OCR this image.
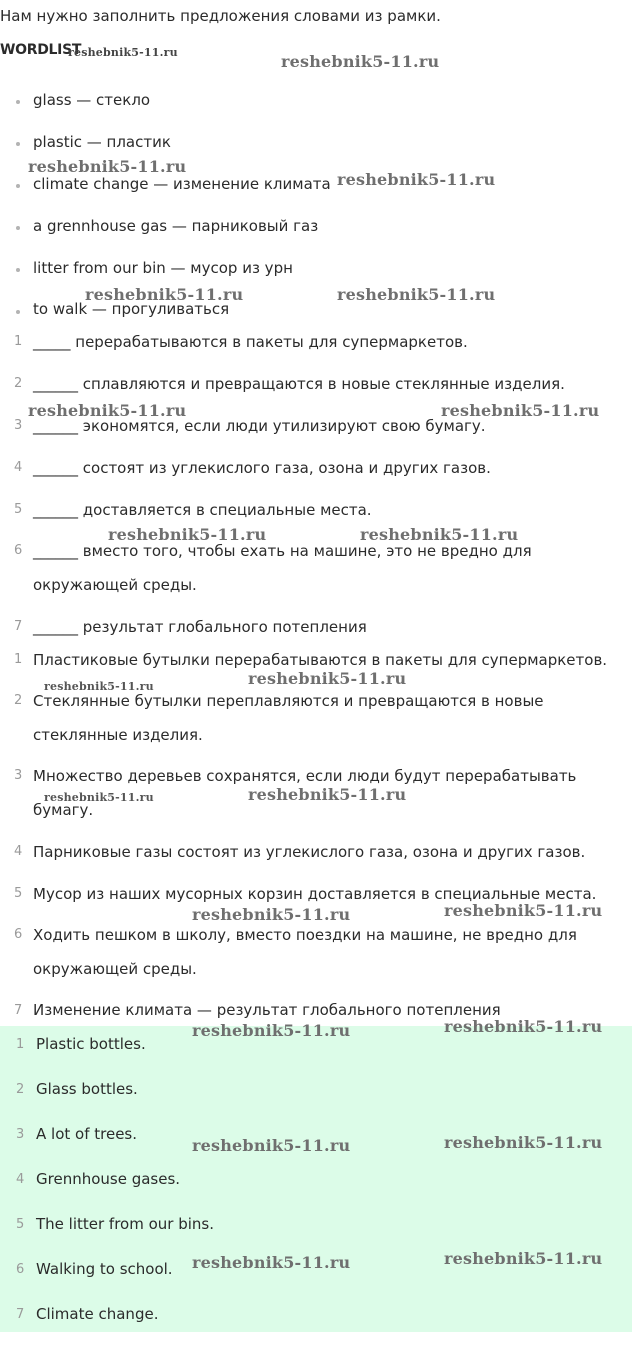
Нам нужно заполнить предложения словами из рамки.
WORDLIST
glass — стекло
plastic — пластик
climate change — изменение климата
a grennhouse gas — парниковый газ
litter from our bin — мусор из урн
to walk — прогуливаться
1 _____ перерабатываются в пакеты для супермаркетов.
2 ______ сплавляются и превращаются в новые стеклянные изделия.
3 ______ экономятся, если люди утилизируют свою бумагу.
4 ______ состоят из углекислого газа, озона и других газов.
5 ______ доставляется в специальные места.
6 ______ вместо того, чтобы ехать на машине, это не вредно для
окружающей среды.
7 ______ результат глобального потепления
1 Пластиковые бутылки перерабатываются в пакеты для супермаркетов.
2 Стеклянные бутылки переплавляются и превращаются в новые
стеклянные изделия.
3 Множество деревьев сохранятся, если люди будут перерабатывать
бумагу.
4 Парниковые газы состоят из углекислого газа, озона и других газов.
5 Мусор из наших мусорных корзин доставляется в специальные места.
6 Ходить пешком в школу, вместо поездки на машине, не вредно для
окружающей среды.
7 Изменение климата — результат глобального потепления
1 Plastic bottles.
2 Glass bottles.
3 A lot of trees.
4 Grennhouse gases.
5 The litter from our bins.
6 Walking to school.
7 Climate change.
reshebnik5-11.ru	reshebnik5-11.ru
reshebnik5-11.ru
reshebnik5-11.ru
reshebnik5-11.ru	reshebnik5-11.ru
reshebnik5-11.ru	reshebnik5-11.ru
reshebnik5-11.ru	reshebnik5-11.ru
reshebnik5-11.ru	reshebnik5-11.ru
reshebnik5-11.ru	reshebnik5-11.ru
reshebnik5-11.ru	reshebnik5-11.ru
reshebnik5-11.ru	reshebnik5-11.ru
reshebnik5-11.ru	reshebnik5-11.ru
reshebnik5-11.ru	reshebnik5-11.ru
